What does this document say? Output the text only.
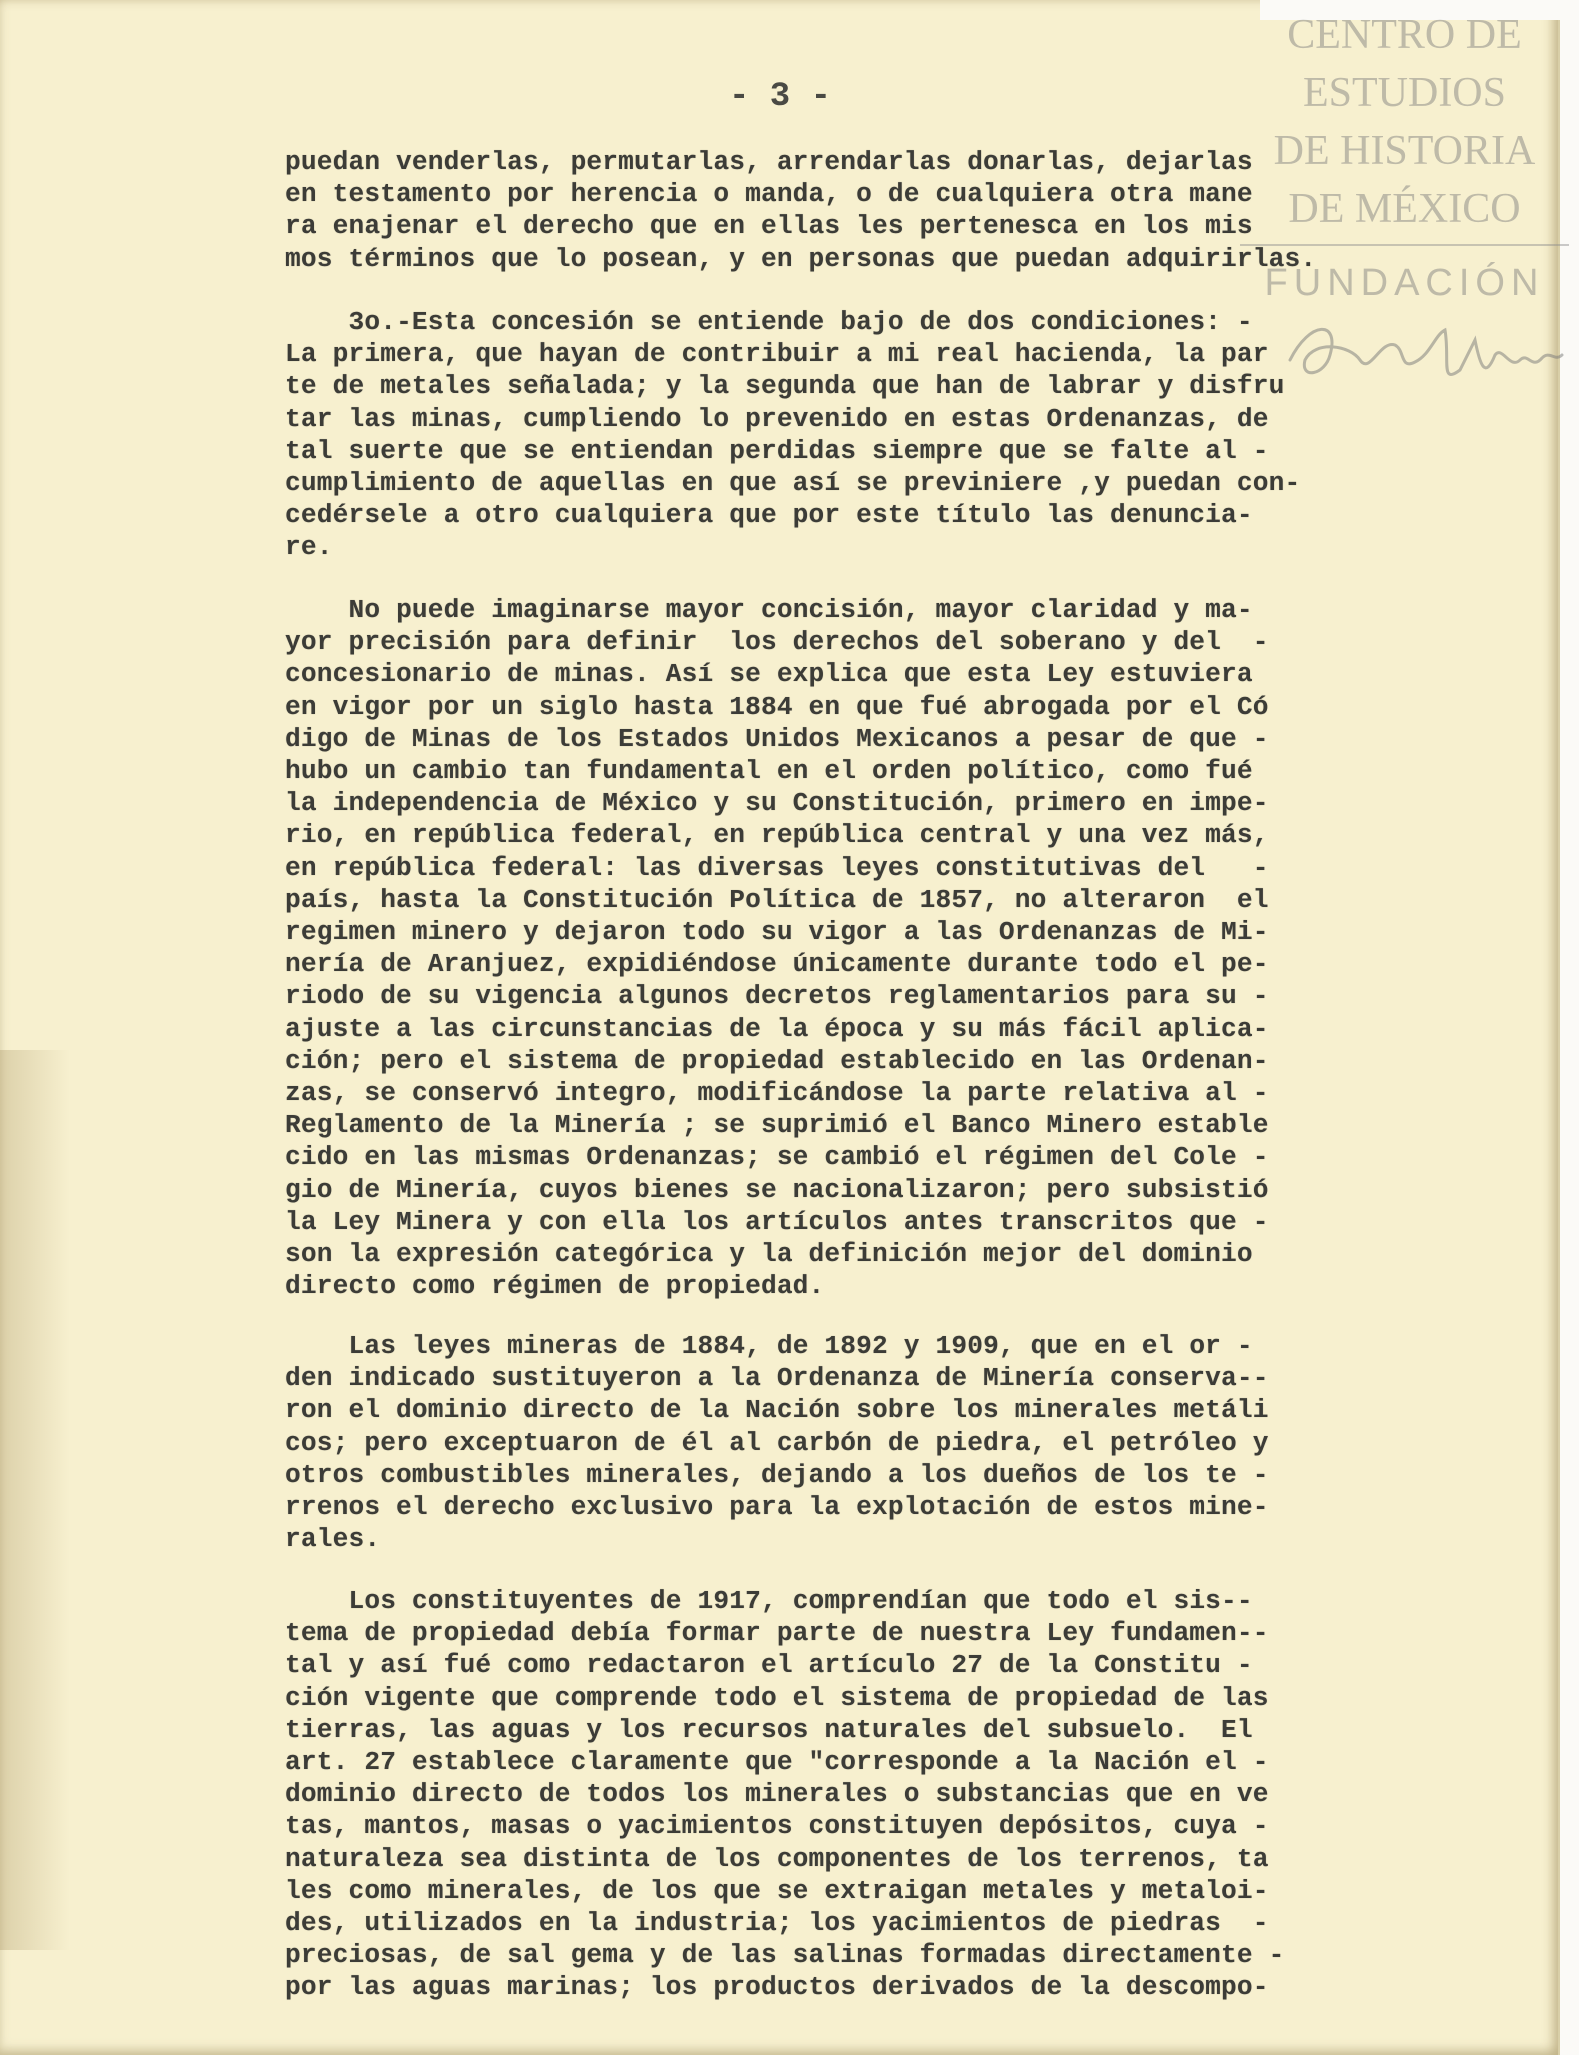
- 3 -

puedan venderlas, permutarlas, arrendarlas donarlas, dejarlas
en testamento por herencia o manda, o de cualquiera otra mane
ra enajenar el derecho que en ellas les pertenesca en los mis
mos términos que lo posean, y en personas que puedan adquirirlas.

3o.-Esta concesión se entiende bajo de dos condiciones: -
La primera, que hayan de contribuir a mi real hacienda, la par
te de metales señalada; y la segunda que han de labrar y disfru
tar las minas, cumpliendo lo prevenido en estas Ordenanzas, de
tal suerte que se entiendan perdidas siempre que se falte al -
cumplimiento de aquellas en que así se previniere ,y puedan con-
cedérsele a otro cualquiera que por este título las denuncia-
re.

No puede imaginarse mayor concisión, mayor claridad y ma-
yor precisión para definir  los derechos del soberano y del  -
concesionario de minas. Así se explica que esta Ley estuviera
en vigor por un siglo hasta 1884 en que fué abrogada por el Có
digo de Minas de los Estados Unidos Mexicanos a pesar de que -
hubo un cambio tan fundamental en el orden político, como fué
la independencia de México y su Constitución, primero en impe-
rio, en república federal, en república central y una vez más,
en república federal: las diversas leyes constitutivas del   -
país, hasta la Constitución Política de 1857, no alteraron  el
regimen minero y dejaron todo su vigor a las Ordenanzas de Mi-
nería de Aranjuez, expidiéndose únicamente durante todo el pe-
riodo de su vigencia algunos decretos reglamentarios para su -
ajuste a las circunstancias de la época y su más fácil aplica-
ción; pero el sistema de propiedad establecido en las Ordenan-
zas, se conservó integro, modificándose la parte relativa al -
Reglamento de la Minería ; se suprimió el Banco Minero estable
cido en las mismas Ordenanzas; se cambió el régimen del Cole -
gio de Minería, cuyos bienes se nacionalizaron; pero subsistió
la Ley Minera y con ella los artículos antes transcritos que -
son la expresión categórica y la definición mejor del dominio
directo como régimen de propiedad.

Las leyes mineras de 1884, de 1892 y 1909, que en el or -
den indicado sustituyeron a la Ordenanza de Minería conserva--
ron el dominio directo de la Nación sobre los minerales metáli
cos; pero exceptuaron de él al carbón de piedra, el petróleo y
otros combustibles minerales, dejando a los dueños de los te -
rrenos el derecho exclusivo para la explotación de estos mine-
rales.

Los constituyentes de 1917, comprendían que todo el sis--
tema de propiedad debía formar parte de nuestra Ley fundamen--
tal y así fué como redactaron el artículo 27 de la Constitu -
ción vigente que comprende todo el sistema de propiedad de las
tierras, las aguas y los recursos naturales del subsuelo.  El
art. 27 establece claramente que "corresponde a la Nación el -
dominio directo de todos los minerales o substancias que en ve
tas, mantos, masas o yacimientos constituyen depósitos, cuya -
naturaleza sea distinta de los componentes de los terrenos, ta
les como minerales, de los que se extraigan metales y metaloi-
des, utilizados en la industria; los yacimientos de piedras  -
preciosas, de sal gema y de las salinas formadas directamente -
por las aguas marinas; los productos derivados de la descompo-

CENTRO DE
ESTUDIOS
DE HISTORIA
DE MÉXICO
FUNDACIÓN
